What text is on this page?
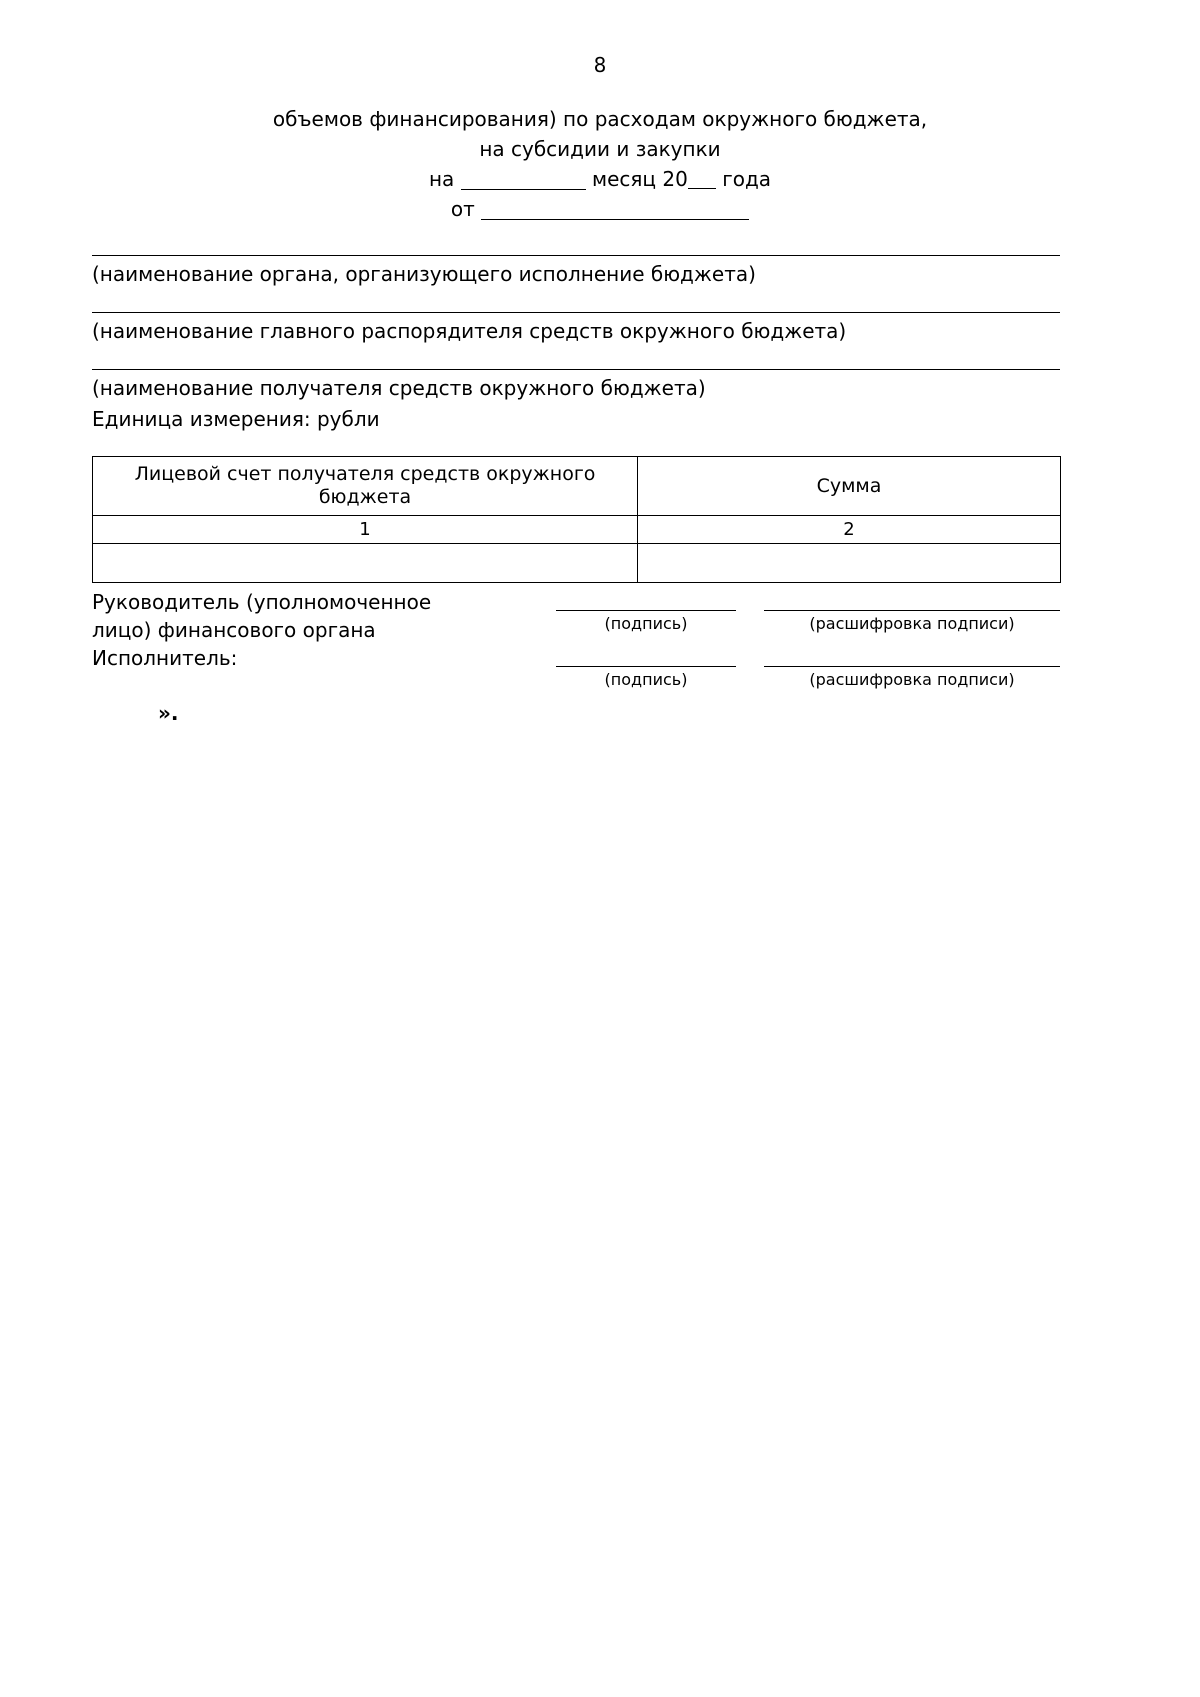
8
объемов финансирования) по расходам окружного бюджета,
на субсидии и закупки
на	месяц 20 года
от
(наименование органа, организующего исполнение бюджета)
(наименование главного распорядителя средств окружного бюджета)
(наименование получателя средств окружного бюджета)
Единица измерения: рубли
Лицевой счет получателя средств окружного бюджета	Сумма
1	2

Руководитель (уполномоченное
лицо) финансового органа	(подпись)	(расшифровка подписи)
Исполнитель:
(подпись)	(расшифровка подписи)
».
